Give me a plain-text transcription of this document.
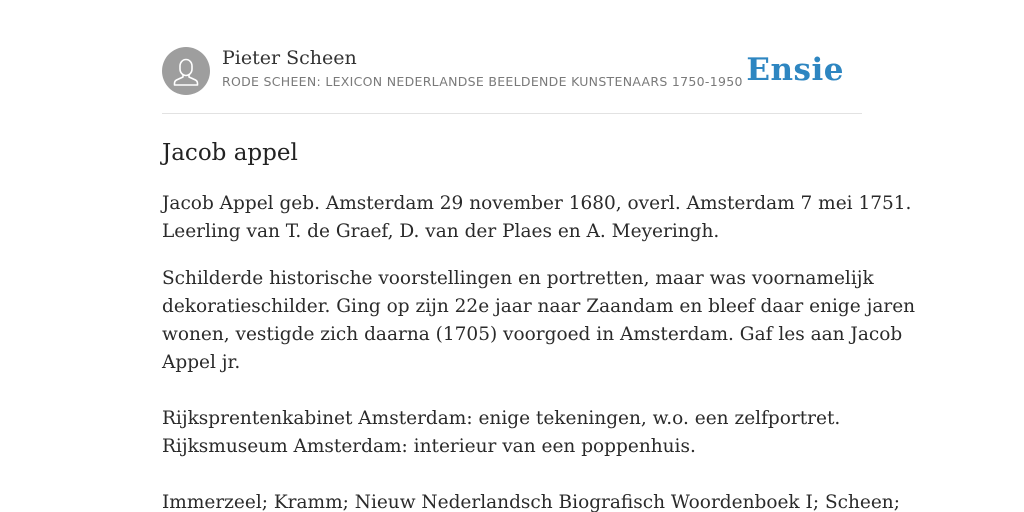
Pieter Scheen
RODE SCHEEN: LEXICON NEDERLANDSE BEELDENDE KUNSTENAARS 1750-1950 Ensie
Jacob appel

Jacob Appel geb. Amsterdam 29 november 1680, overl. Amsterdam 7 mei 1751.
Leerling van T. de Graef, D. van der Plaes en A. Meyeringh.

Schilderde historische voorstellingen en portretten, maar was voornamelijk
dekoratieschilder. Ging op zijn 22e jaar naar Zaandam en bleef daar enige jaren
wonen, vestigde zich daarna (1705) voorgoed in Amsterdam. Gaf les aan Jacob
Appel jr.

Rijksprentenkabinet Amsterdam: enige tekeningen, w.o. een zelfportret.
Rijksmuseum Amsterdam: interieur van een poppenhuis.

Immerzeel; Kramm; Nieuw Nederlandsch Biografisch Woordenboek I; Scheen;
